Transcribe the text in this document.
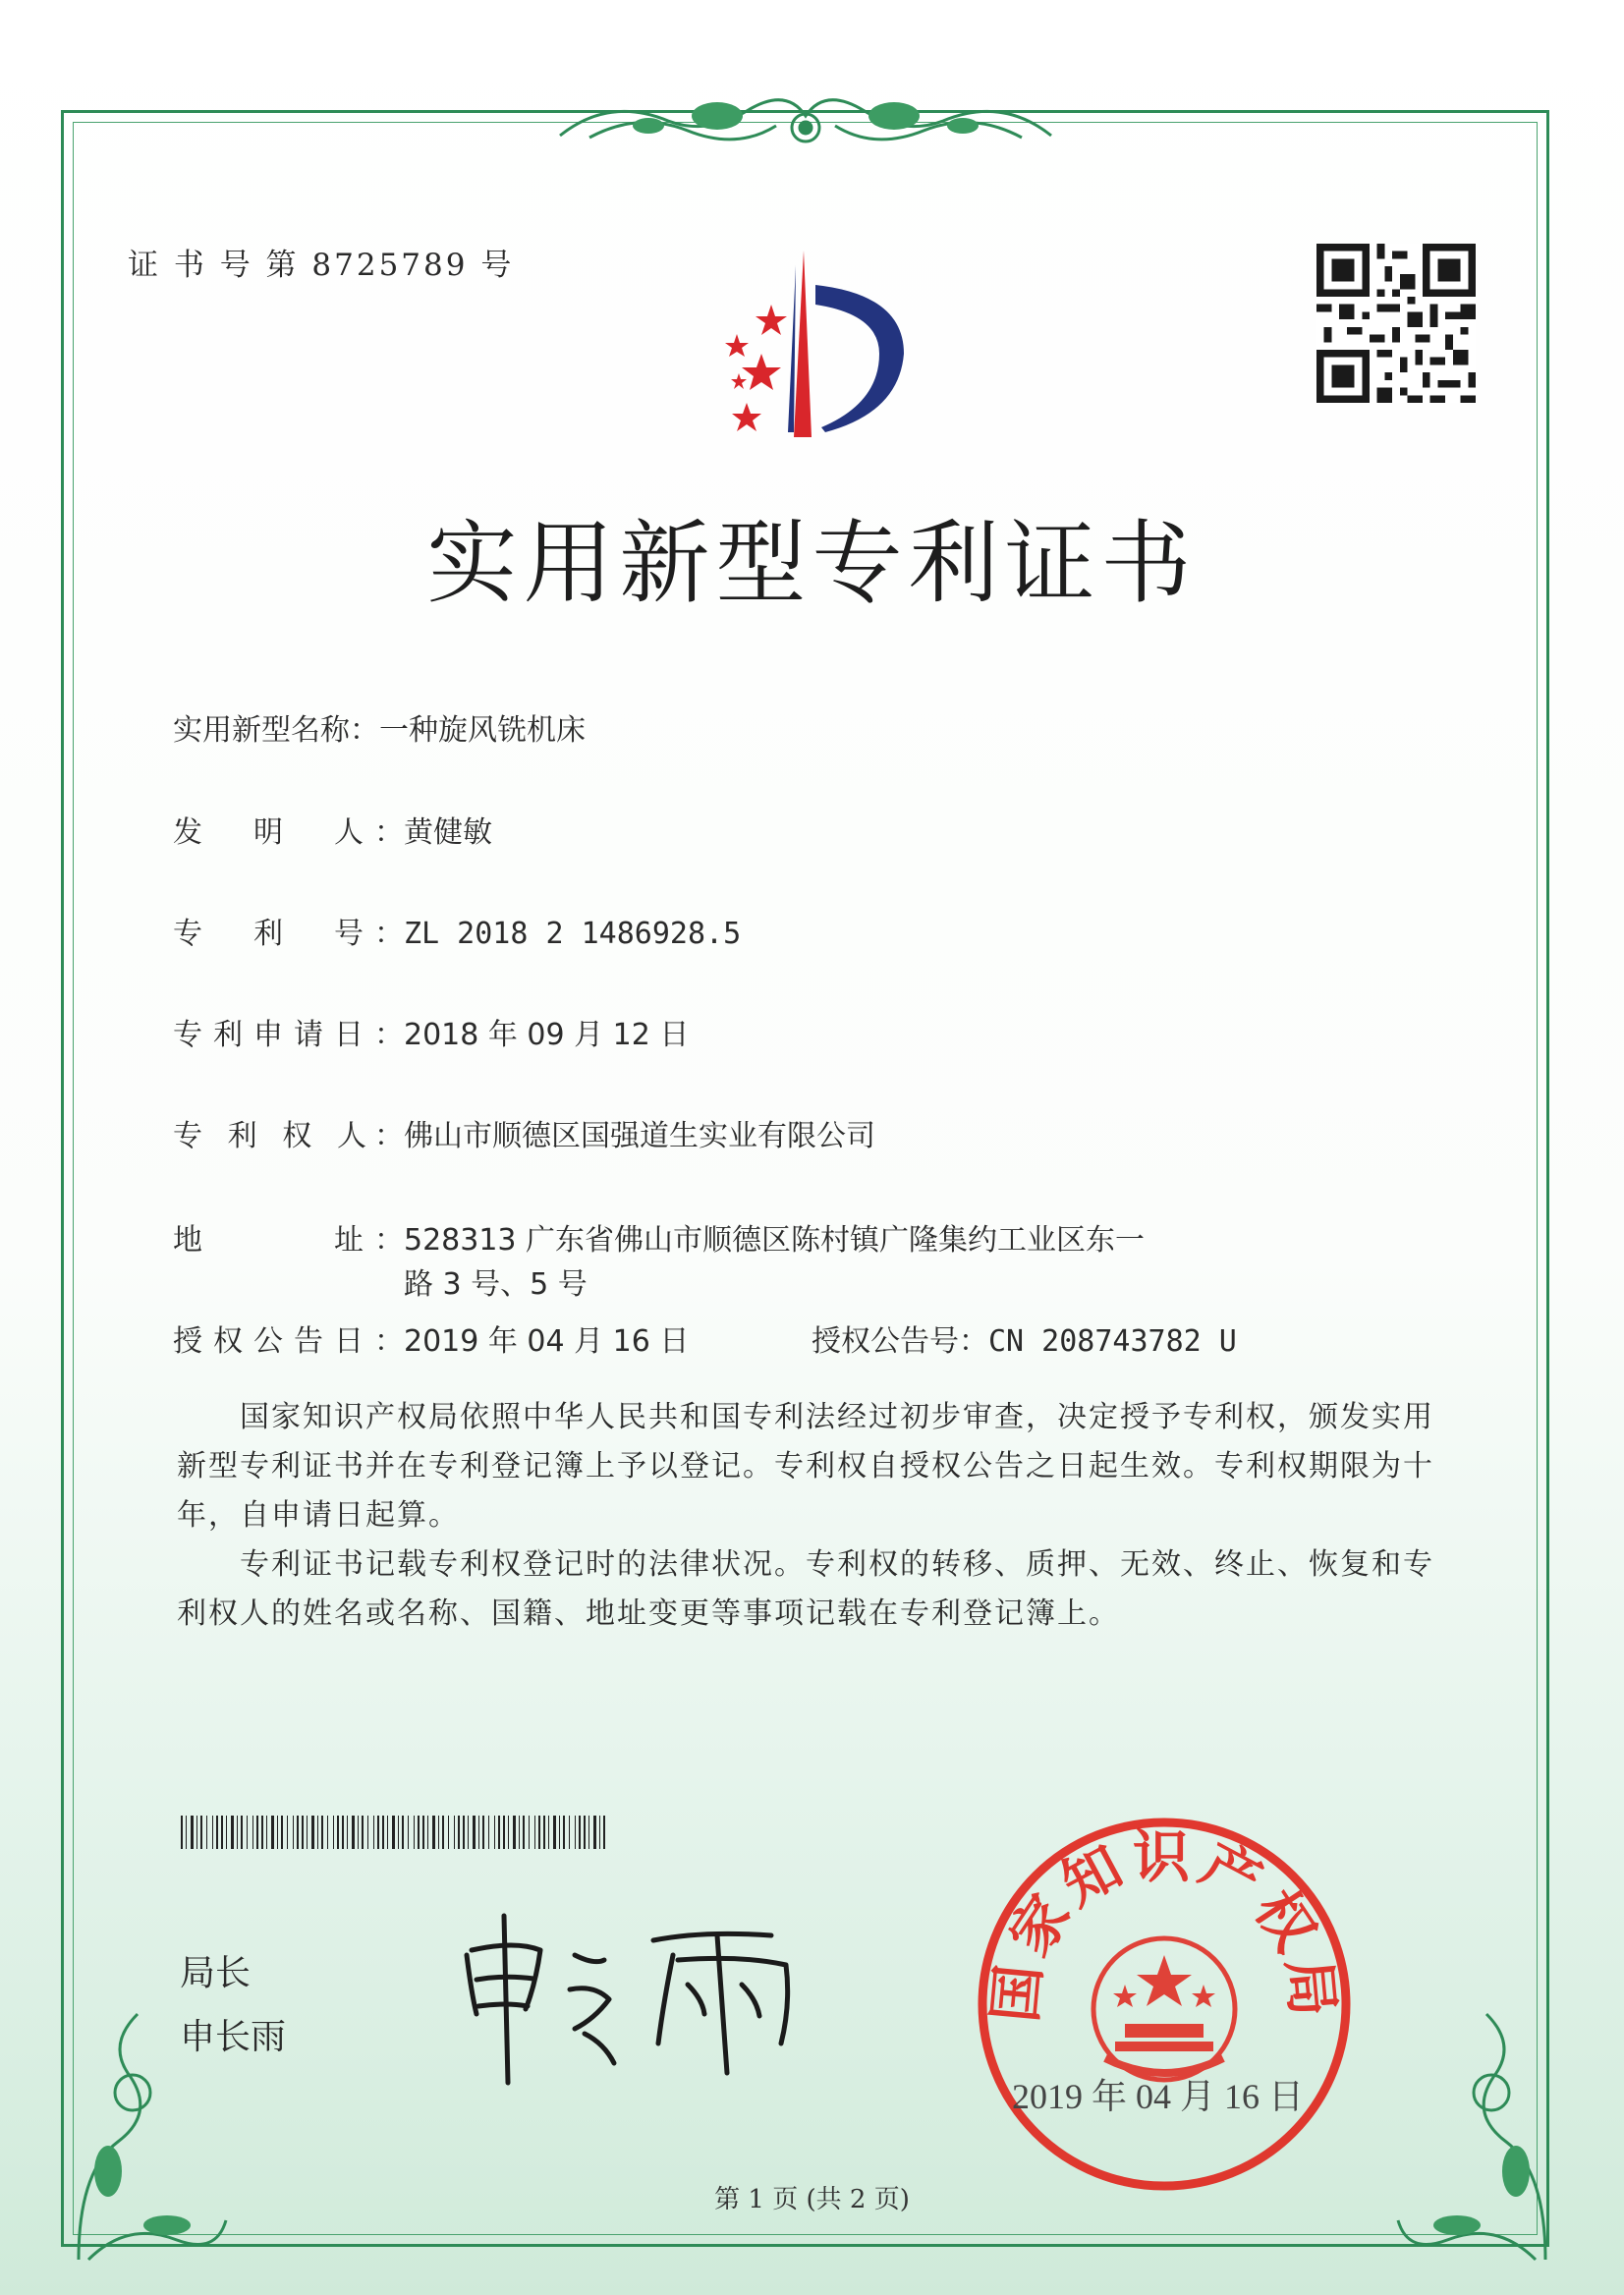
证 书 号 第 8725789 号
实用新型专利证书
实用新型名称：一种旋风铣机床
发　明　人：黄健敏
专　利　号：ZL 2018 2 1486928.5
专利申请日：2018 年 09 月 12 日
专 利 权 人：佛山市顺德区国强道生实业有限公司
地　　　址：528313 广东省佛山市顺德区陈村镇广隆集约工业区东一
路 3 号、5 号
授权公告日：2019 年 04 月 16 日	授权公告号：CN 208743782 U

国家知识产权局依照中华人民共和国专利法经过初步审查，决定授予专利权，颁发实用新型专利证书并在专利登记簿上予以登记。专利权自授权公告之日起生效。专利权期限为十年，自申请日起算。

专利证书记载专利权登记时的法律状况。专利权的转移、质押、无效、终止、恢复和专利权人的姓名或名称、国籍、地址变更等事项记载在专利登记簿上。

局长
申长雨
国家知识产权局
2019 年 04 月 16 日
第 1 页 (共 2 页)
